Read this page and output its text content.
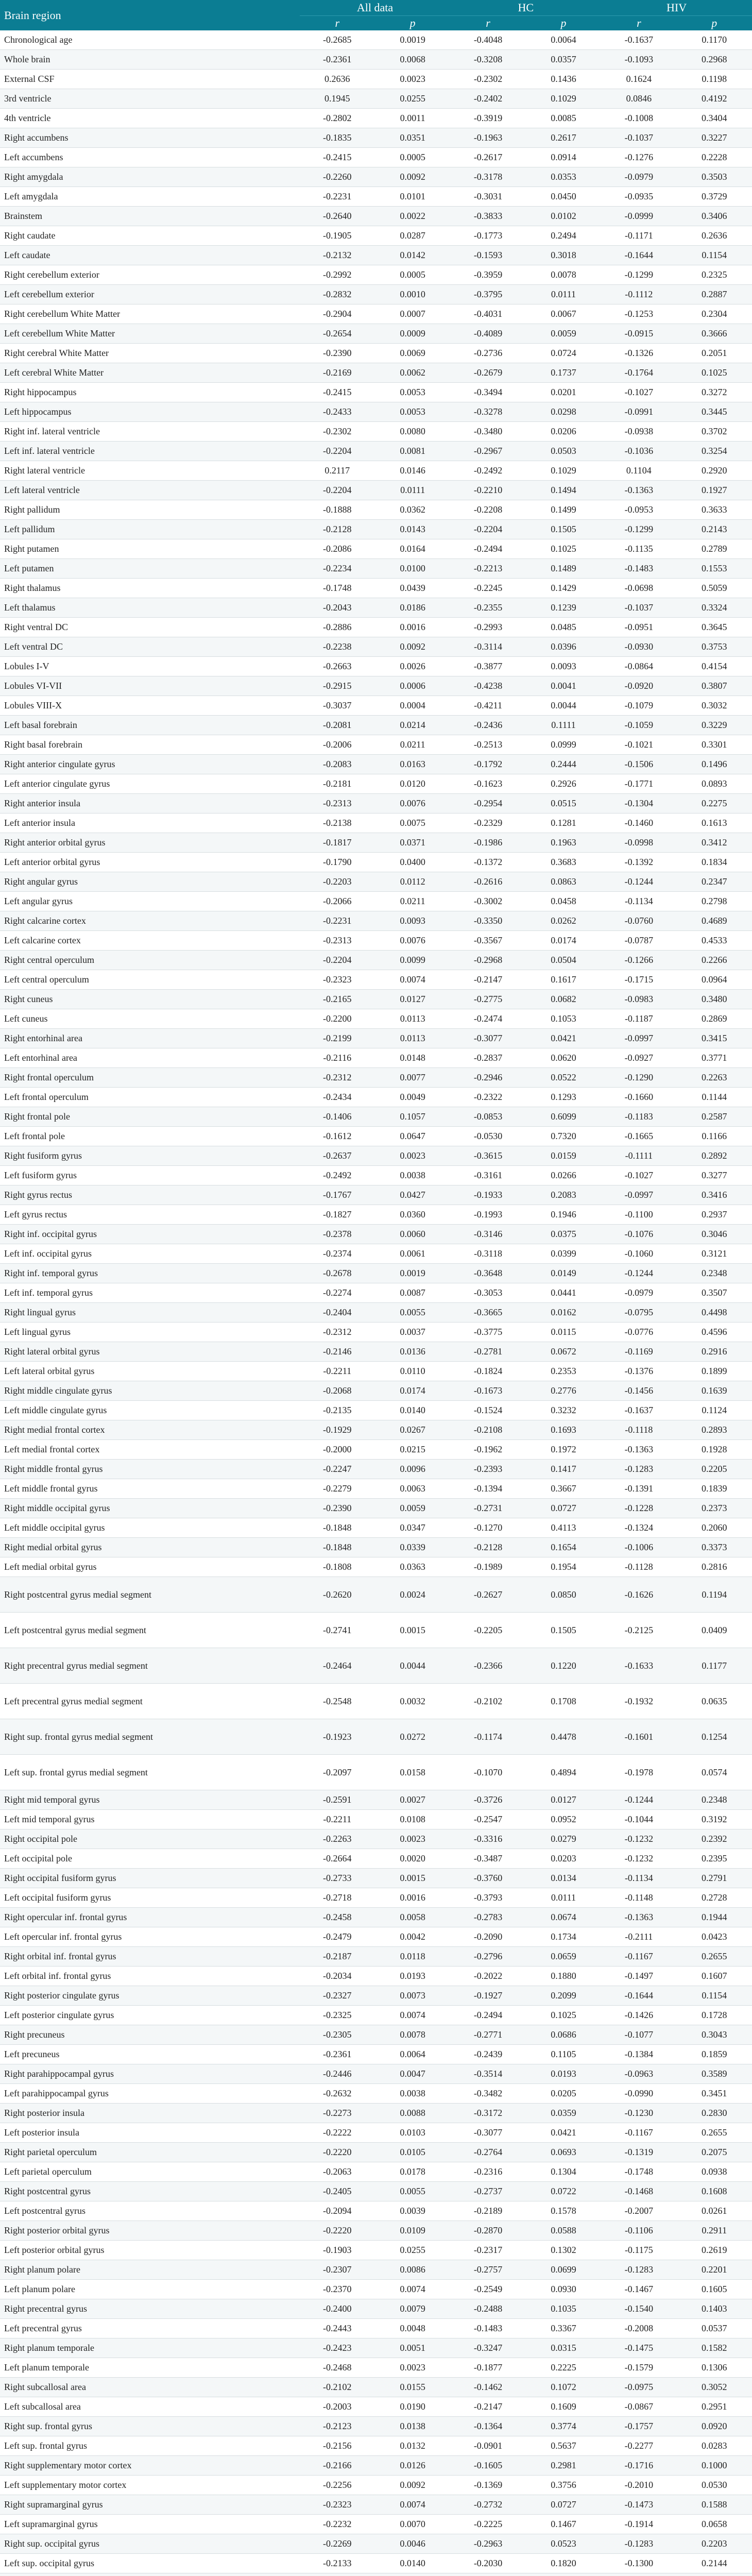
Brain region	All data		HC		HIV	
	r	p	r	p	r	p
Chronological age	-0.2685	0.0019	-0.4048	0.0064	-0.1637	0.1170
Whole brain	-0.2361	0.0068	-0.3208	0.0357	-0.1093	0.2968
External CSF	0.2636	0.0023	-0.2302	0.1436	0.1624	0.1198
3rd ventricle	0.1945	0.0255	-0.2402	0.1029	0.0846	0.4192
4th ventricle	-0.2802	0.0011	-0.3919	0.0085	-0.1008	0.3404
Right accumbens	-0.1835	0.0351	-0.1963	0.2617	-0.1037	0.3227
Left accumbens	-0.2415	0.0005	-0.2617	0.0914	-0.1276	0.2228
Right amygdala	-0.2260	0.0092	-0.3178	0.0353	-0.0979	0.3503
Left amygdala	-0.2231	0.0101	-0.3031	0.0450	-0.0935	0.3729
Brainstem	-0.2640	0.0022	-0.3833	0.0102	-0.0999	0.3406
Right caudate	-0.1905	0.0287	-0.1773	0.2494	-0.1171	0.2636
Left caudate	-0.2132	0.0142	-0.1593	0.3018	-0.1644	0.1154
Right cerebellum exterior	-0.2992	0.0005	-0.3959	0.0078	-0.1299	0.2325
Left cerebellum exterior	-0.2832	0.0010	-0.3795	0.0111	-0.1112	0.2887
Right cerebellum White Matter	-0.2904	0.0007	-0.4031	0.0067	-0.1253	0.2304
Left cerebellum White Matter	-0.2654	0.0009	-0.4089	0.0059	-0.0915	0.3666
Right cerebral White Matter	-0.2390	0.0069	-0.2736	0.0724	-0.1326	0.2051
Left cerebral White Matter	-0.2169	0.0062	-0.2679	0.1737	-0.1764	0.1025
Right hippocampus	-0.2415	0.0053	-0.3494	0.0201	-0.1027	0.3272
Left hippocampus	-0.2433	0.0053	-0.3278	0.0298	-0.0991	0.3445
Right inf. lateral ventricle	-0.2302	0.0080	-0.3480	0.0206	-0.0938	0.3702
Left inf. lateral ventricle	-0.2204	0.0081	-0.2967	0.0503	-0.1036	0.3254
Right lateral ventricle	0.2117	0.0146	-0.2492	0.1029	0.1104	0.2920
Left lateral ventricle	-0.2204	0.0111	-0.2210	0.1494	-0.1363	0.1927
Right pallidum	-0.1888	0.0362	-0.2208	0.1499	-0.0953	0.3633
Left pallidum	-0.2128	0.0143	-0.2204	0.1505	-0.1299	0.2143
Right putamen	-0.2086	0.0164	-0.2494	0.1025	-0.1135	0.2789
Left putamen	-0.2234	0.0100	-0.2213	0.1489	-0.1483	0.1553
Right thalamus	-0.1748	0.0439	-0.2245	0.1429	-0.0698	0.5059
Left thalamus	-0.2043	0.0186	-0.2355	0.1239	-0.1037	0.3324
Right ventral DC	-0.2886	0.0016	-0.2993	0.0485	-0.0951	0.3645
Left ventral DC	-0.2238	0.0092	-0.3114	0.0396	-0.0930	0.3753
Lobules I-V	-0.2663	0.0026	-0.3877	0.0093	-0.0864	0.4154
Lobules VI-VII	-0.2915	0.0006	-0.4238	0.0041	-0.0920	0.3807
Lobules VIII-X	-0.3037	0.0004	-0.4211	0.0044	-0.1079	0.3032
Left basal forebrain	-0.2081	0.0214	-0.2436	0.1111	-0.1059	0.3229
Right basal forebrain	-0.2006	0.0211	-0.2513	0.0999	-0.1021	0.3301
Right anterior cingulate gyrus	-0.2083	0.0163	-0.1792	0.2444	-0.1506	0.1496
Left anterior cingulate gyrus	-0.2181	0.0120	-0.1623	0.2926	-0.1771	0.0893
Right anterior insula	-0.2313	0.0076	-0.2954	0.0515	-0.1304	0.2275
Left anterior insula	-0.2138	0.0075	-0.2329	0.1281	-0.1460	0.1613
Right anterior orbital gyrus	-0.1817	0.0371	-0.1986	0.1963	-0.0998	0.3412
Left anterior orbital gyrus	-0.1790	0.0400	-0.1372	0.3683	-0.1392	0.1834
Right angular gyrus	-0.2203	0.0112	-0.2616	0.0863	-0.1244	0.2347
Left angular gyrus	-0.2066	0.0211	-0.3002	0.0458	-0.1134	0.2798
Right calcarine cortex	-0.2231	0.0093	-0.3350	0.0262	-0.0760	0.4689
Left calcarine cortex	-0.2313	0.0076	-0.3567	0.0174	-0.0787	0.4533
Right central operculum	-0.2204	0.0099	-0.2968	0.0504	-0.1266	0.2266
Left central operculum	-0.2323	0.0074	-0.2147	0.1617	-0.1715	0.0964
Right cuneus	-0.2165	0.0127	-0.2775	0.0682	-0.0983	0.3480
Left cuneus	-0.2200	0.0113	-0.2474	0.1053	-0.1187	0.2869
Right entorhinal area	-0.2199	0.0113	-0.3077	0.0421	-0.0997	0.3415
Left entorhinal area	-0.2116	0.0148	-0.2837	0.0620	-0.0927	0.3771
Right frontal operculum	-0.2312	0.0077	-0.2946	0.0522	-0.1290	0.2263
Left frontal operculum	-0.2434	0.0049	-0.2322	0.1293	-0.1660	0.1144
Right frontal pole	-0.1406	0.1057	-0.0853	0.6099	-0.1183	0.2587
Left frontal pole	-0.1612	0.0647	-0.0530	0.7320	-0.1665	0.1166
Right fusiform gyrus	-0.2637	0.0023	-0.3615	0.0159	-0.1111	0.2892
Left fusiform gyrus	-0.2492	0.0038	-0.3161	0.0266	-0.1027	0.3277
Right gyrus rectus	-0.1767	0.0427	-0.1933	0.2083	-0.0997	0.3416
Left gyrus rectus	-0.1827	0.0360	-0.1993	0.1946	-0.1100	0.2937
Right inf. occipital gyrus	-0.2378	0.0060	-0.3146	0.0375	-0.1076	0.3046
Left inf. occipital gyrus	-0.2374	0.0061	-0.3118	0.0399	-0.1060	0.3121
Right inf. temporal gyrus	-0.2678	0.0019	-0.3648	0.0149	-0.1244	0.2348
Left inf. temporal gyrus	-0.2274	0.0087	-0.3053	0.0441	-0.0979	0.3507
Right lingual gyrus	-0.2404	0.0055	-0.3665	0.0162	-0.0795	0.4498
Left lingual gyrus	-0.2312	0.0037	-0.3775	0.0115	-0.0776	0.4596
Right lateral orbital gyrus	-0.2146	0.0136	-0.2781	0.0672	-0.1169	0.2916
Left lateral orbital gyrus	-0.2211	0.0110	-0.1824	0.2353	-0.1376	0.1899
Right middle cingulate gyrus	-0.2068	0.0174	-0.1673	0.2776	-0.1456	0.1639
Left middle cingulate gyrus	-0.2135	0.0140	-0.1524	0.3232	-0.1637	0.1124
Right medial frontal cortex	-0.1929	0.0267	-0.2108	0.1693	-0.1118	0.2893
Left medial frontal cortex	-0.2000	0.0215	-0.1962	0.1972	-0.1363	0.1928
Right middle frontal gyrus	-0.2247	0.0096	-0.2393	0.1417	-0.1283	0.2205
Left middle frontal gyrus	-0.2279	0.0063	-0.1394	0.3667	-0.1391	0.1839
Right middle occipital gyrus	-0.2390	0.0059	-0.2731	0.0727	-0.1228	0.2373
Left middle occipital gyrus	-0.1848	0.0347	-0.1270	0.4113	-0.1324	0.2060
Right medial orbital gyrus	-0.1848	0.0339	-0.2128	0.1654	-0.1006	0.3373
Left medial orbital gyrus	-0.1808	0.0363	-0.1989	0.1954	-0.1128	0.2816
Right postcentral gyrus medial segment	-0.2620	0.0024	-0.2627	0.0850	-0.1626	0.1194
Left postcentral gyrus medial segment	-0.2741	0.0015	-0.2205	0.1505	-0.2125	0.0409
Right precentral gyrus medial segment	-0.2464	0.0044	-0.2366	0.1220	-0.1633	0.1177
Left precentral gyrus medial segment	-0.2548	0.0032	-0.2102	0.1708	-0.1932	0.0635
Right sup. frontal gyrus medial segment	-0.1923	0.0272	-0.1174	0.4478	-0.1601	0.1254
Left sup. frontal gyrus medial segment	-0.2097	0.0158	-0.1070	0.4894	-0.1978	0.0574
Right mid temporal gyrus	-0.2591	0.0027	-0.3726	0.0127	-0.1244	0.2348
Left mid temporal gyrus	-0.2211	0.0108	-0.2547	0.0952	-0.1044	0.3192
Right occipital pole	-0.2263	0.0023	-0.3316	0.0279	-0.1232	0.2392
Left occipital pole	-0.2664	0.0020	-0.3487	0.0203	-0.1232	0.2395
Right occipital fusiform gyrus	-0.2733	0.0015	-0.3760	0.0134	-0.1134	0.2791
Left occipital fusiform gyrus	-0.2718	0.0016	-0.3793	0.0111	-0.1148	0.2728
Right opercular inf. frontal gyrus	-0.2458	0.0058	-0.2783	0.0674	-0.1363	0.1944
Left opercular inf. frontal gyrus	-0.2479	0.0042	-0.2090	0.1734	-0.2111	0.0423
Right orbital inf. frontal gyrus	-0.2187	0.0118	-0.2796	0.0659	-0.1167	0.2655
Left orbital inf. frontal gyrus	-0.2034	0.0193	-0.2022	0.1880	-0.1497	0.1607
Right posterior cingulate gyrus	-0.2327	0.0073	-0.1927	0.2099	-0.1644	0.1154
Left posterior cingulate gyrus	-0.2325	0.0074	-0.2494	0.1025	-0.1426	0.1728
Right precuneus	-0.2305	0.0078	-0.2771	0.0686	-0.1077	0.3043
Left precuneus	-0.2361	0.0064	-0.2439	0.1105	-0.1384	0.1859
Right parahippocampal gyrus	-0.2446	0.0047	-0.3514	0.0193	-0.0963	0.3589
Left parahippocampal gyrus	-0.2632	0.0038	-0.3482	0.0205	-0.0990	0.3451
Right posterior insula	-0.2273	0.0088	-0.3172	0.0359	-0.1230	0.2830
Left posterior insula	-0.2222	0.0103	-0.3077	0.0421	-0.1167	0.2655
Right parietal operculum	-0.2220	0.0105	-0.2764	0.0693	-0.1319	0.2075
Left parietal operculum	-0.2063	0.0178	-0.2316	0.1304	-0.1748	0.0938
Right postcentral gyrus	-0.2405	0.0055	-0.2737	0.0722	-0.1468	0.1608
Left postcentral gyrus	-0.2094	0.0039	-0.2189	0.1578	-0.2007	0.0261
Right posterior orbital gyrus	-0.2220	0.0109	-0.2870	0.0588	-0.1106	0.2911
Left posterior orbital gyrus	-0.1903	0.0255	-0.2317	0.1302	-0.1175	0.2619
Right planum polare	-0.2307	0.0086	-0.2757	0.0699	-0.1283	0.2201
Left planum polare	-0.2370	0.0074	-0.2549	0.0930	-0.1467	0.1605
Right precentral gyrus	-0.2400	0.0079	-0.2488	0.1035	-0.1540	0.1403
Left precentral gyrus	-0.2443	0.0048	-0.1483	0.3367	-0.2008	0.0537
Right planum temporale	-0.2423	0.0051	-0.3247	0.0315	-0.1475	0.1582
Left planum temporale	-0.2468	0.0023	-0.1877	0.2225	-0.1579	0.1306
Right subcallosal area	-0.2102	0.0155	-0.1462	0.1072	-0.0975	0.3052
Left subcallosal area	-0.2003	0.0190	-0.2147	0.1609	-0.0867	0.2951
Right sup. frontal gyrus	-0.2123	0.0138	-0.1364	0.3774	-0.1757	0.0920
Left sup. frontal gyrus	-0.2156	0.0132	-0.0901	0.5637	-0.2277	0.0283
Right supplementary motor cortex	-0.2166	0.0126	-0.1605	0.2981	-0.1716	0.1000
Left supplementary motor cortex	-0.2256	0.0092	-0.1369	0.3756	-0.2010	0.0530
Right supramarginal gyrus	-0.2323	0.0074	-0.2732	0.0727	-0.1473	0.1588
Left supramarginal gyrus	-0.2232	0.0070	-0.2225	0.1467	-0.1914	0.0658
Right sup. occipital gyrus	-0.2269	0.0046	-0.2963	0.0523	-0.1283	0.2203
Left sup. occipital gyrus	-0.2133	0.0140	-0.2030	0.1820	-0.1300	0.2144
